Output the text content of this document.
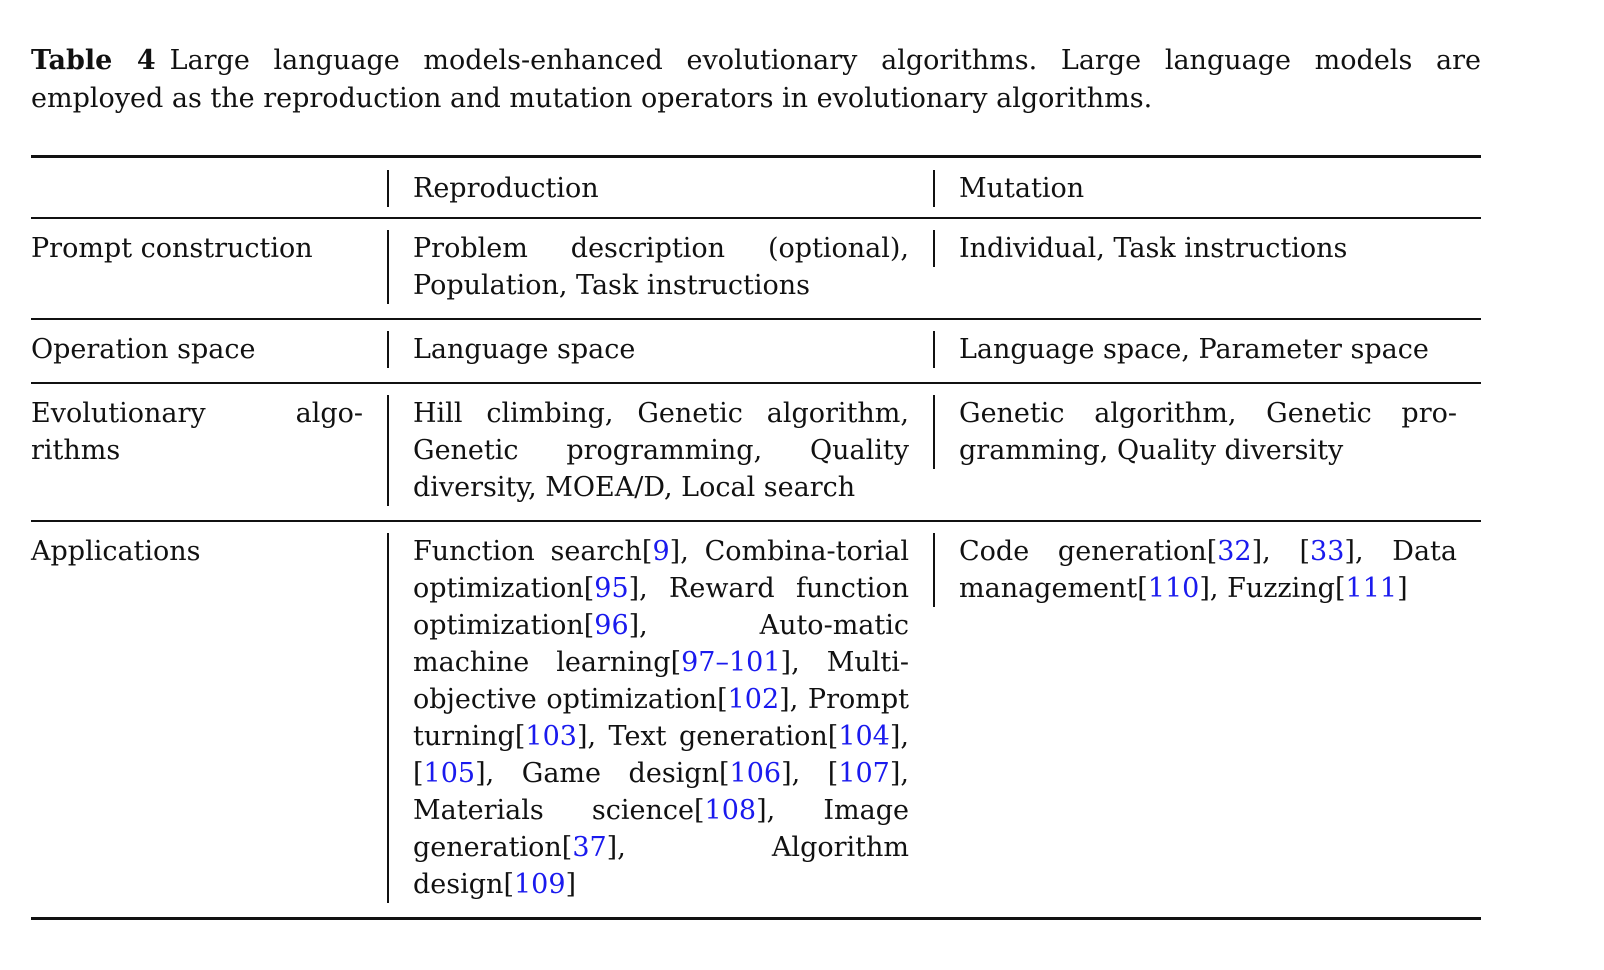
Table 4 Large language models-enhanced evolutionary algorithms. Large language models are employed as the reproduction and mutation operators in evolutionary algorithms.

	Reproduction	Mutation

Prompt construction	Problem description (optional), Population, Task instructions	Individual, Task instructions

Operation space	Language space	Language space, Parameter space

Evolutionary algo-rithms	Hill climbing, Genetic algorithm, Genetic programming, Quality diversity, MOEA/D, Local search	Genetic algorithm, Genetic pro-gramming, Quality diversity

Applications	Function search[9], Combina-torial optimization[95], Reward function optimization[96], Auto-matic machine learning[97–101], Multi-objective optimization[102], Prompt turning[103], Text generation[104], [105], Game design[106], [107], Materials science[108], Image generation[37], Algorithm design[109]	Code generation[32], [33], Data management[110], Fuzzing[111]
